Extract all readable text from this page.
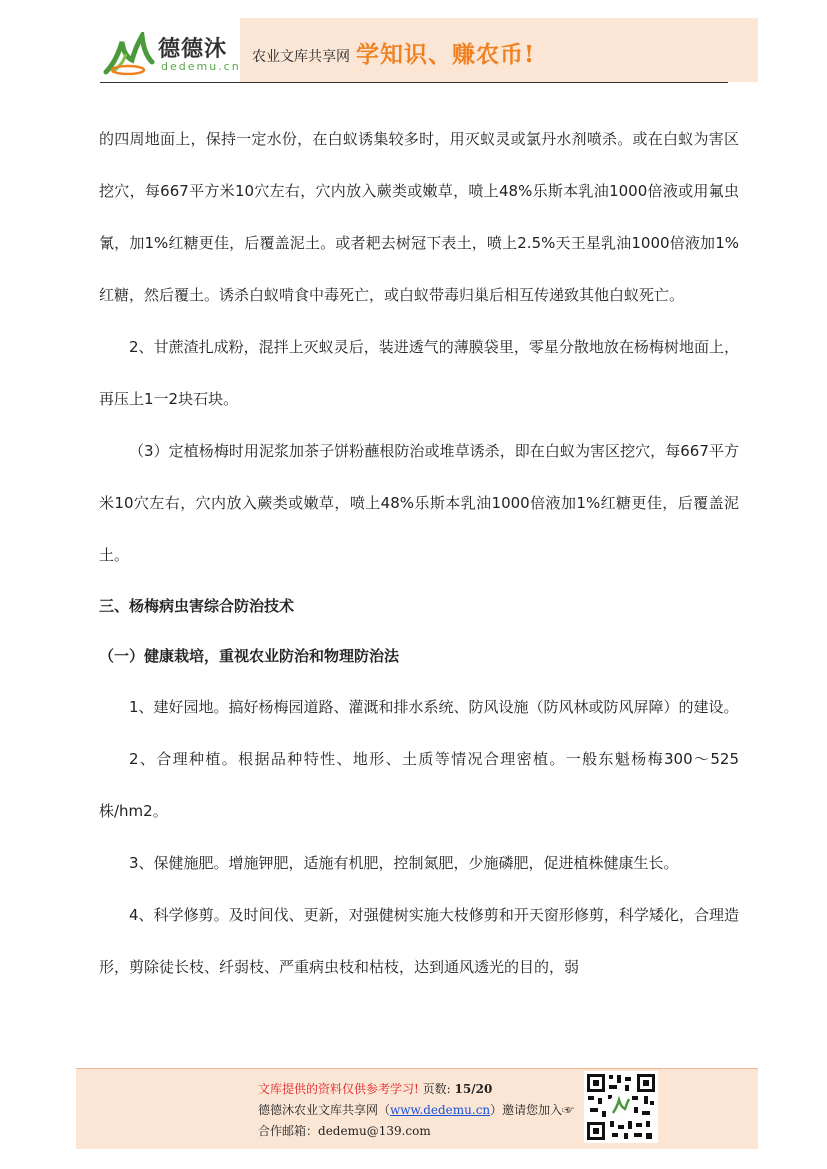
德德沐
dedemu.cn
农业文库共享网 学知识、赚农币!

的四周地面上，保持一定水份，在白蚁诱集较多时，用灭蚁灵或氯丹水剂喷杀。或在白蚁为害区挖穴，每667平方米10穴左右，穴内放入蕨类或嫩草，喷上48%乐斯本乳油1000倍液或用氟虫氰，加1%红糖更佳，后覆盖泥土。或者耙去树冠下表土，喷上2.5%天王星乳油1000倍液加1%红糖，然后覆土。诱杀白蚁啃食中毒死亡，或白蚁带毒归巢后相互传递致其他白蚁死亡。

2、甘蔗渣扎成粉，混拌上灭蚁灵后，装进透气的薄膜袋里，零星分散地放在杨梅树地面上，再压上1一2块石块。

（3）定植杨梅时用泥浆加茶子饼粉蘸根防治或堆草诱杀，即在白蚁为害区挖穴，每667平方米10穴左右，穴内放入蕨类或嫩草，喷上48%乐斯本乳油1000倍液加1%红糖更佳，后覆盖泥土。

三、杨梅病虫害综合防治技术

（一）健康栽培，重视农业防治和物理防治法

1、建好园地。搞好杨梅园道路、灌溉和排水系统、防风设施（防风林或防风屏障）的建设。

2、合理种植。根据品种特性、地形、土质等情况合理密植。一般东魁杨梅300～525株/hm2。

3、保健施肥。增施钾肥，适施有机肥，控制氮肥，少施磷肥，促进植株健康生长。

4、科学修剪。及时间伐、更新，对强健树实施大枝修剪和开天窗形修剪，科学矮化，合理造形，剪除徒长枝、纤弱枝、严重病虫枝和枯枝，达到通风透光的目的，弱

文库提供的资料仅供参考学习! 页数: 15/20
德德沐农业文库共享网（www.dedemu.cn）邀请您加入☞
合作邮箱：dedemu@139.com
